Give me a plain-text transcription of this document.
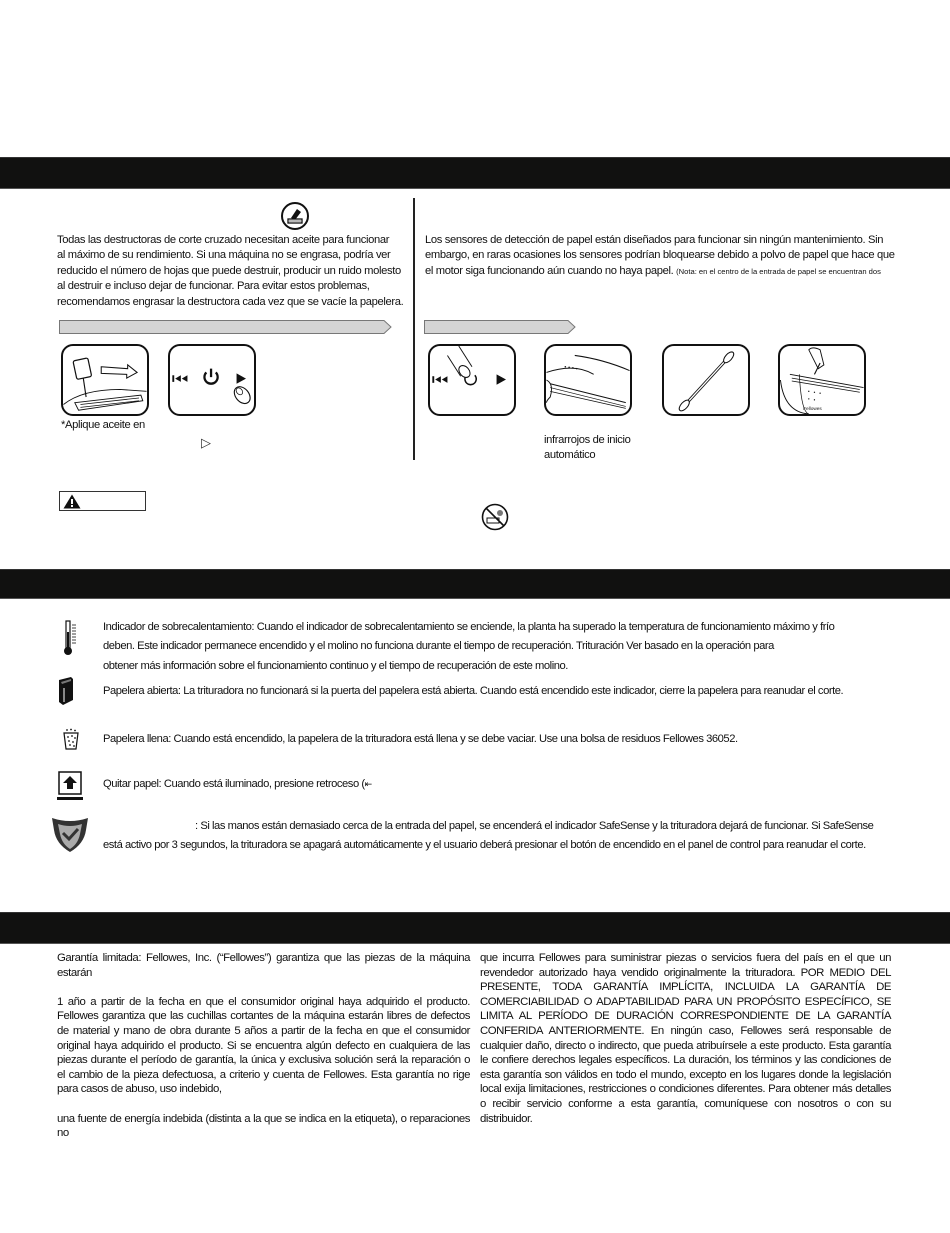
Todas las destructoras de corte cruzado necesitan aceite para funcionar
al máximo de su rendimiento. Si una máquina no se engrasa, podría ver
reducido el número de hojas que puede destruir, producir un ruido molesto
al destruir e incluso dejar de funcionar. Para evitar estos problemas,
recomendamos engrasar la destructora cada vez que se vacíe la papelera.
*Aplique aceite en
▷
Los sensores de detección de papel están diseñados para funcionar sin ningún mantenimiento. Sin
embargo, en raras ocasiones los sensores podrían bloquearse debido a polvo de papel que hace que
el motor siga funcionando aún cuando no haya papel. (Nota: en el centro de la entrada de papel se encuentran dos
Fellowes
infrarrojos de inicio
automático
Indicador de sobrecalentamiento: Cuando el indicador de sobrecalentamiento se enciende, la planta ha superado la temperatura de funcionamiento máximo y frío
deben. Este indicador permanece encendido y el molino no funciona durante el tiempo de recuperación. Trituración Ver basado en la operación para
obtener más información sobre el funcionamiento continuo y el tiempo de recuperación de este molino.
Papelera abierta: La trituradora no funcionará si la puerta del papelera está abierta. Cuando está encendido este indicador, cierre la papelera para reanudar el corte.
Papelera llena: Cuando está encendido, la papelera de la trituradora está llena y se debe vaciar. Use una bolsa de residuos Fellowes 36052.
Quitar papel: Cuando está iluminado, presione retroceso (⇤
: Si las manos están demasiado cerca de la entrada del papel, se encenderá el indicador SafeSense y la trituradora dejará de funcionar. Si SafeSense
está activo por 3 segundos, la trituradora se apagará automáticamente y el usuario deberá presionar el botón de encendido en el panel de control para reanudar el corte.

Garantía limitada: Fellowes, Inc. (“Fellowes”) garantiza que las piezas de la máquina estarán

1 año a partir de la fecha en que el consumidor original haya adquirido el producto. Fellowes garantiza que las cuchillas cortantes de la máquina estarán libres de defectos de material y mano de obra durante 5 años a partir de la fecha en que el consumidor original haya adquirido el producto. Si se encuentra algún defecto en cualquiera de las piezas durante el período de garantía, la única y exclusiva solución será la reparación o el cambio de la pieza defectuosa, a criterio y cuenta de Fellowes. Esta garantía no rige para casos de abuso, uso indebido,

una fuente de energía indebida (distinta a la que se indica en la etiqueta), o reparaciones no

que incurra Fellowes para suministrar piezas o servicios fuera del país en el que un revendedor autorizado haya vendido originalmente la trituradora. POR MEDIO DEL PRESENTE, TODA GARANTÍA IMPLÍCITA, INCLUIDA LA GARANTÍA DE COMERCIABILIDAD O ADAPTABILIDAD PARA UN PROPÓSITO ESPECÍFICO, SE LIMITA AL PERÍODO DE DURACIÓN CORRESPONDIENTE DE LA GARANTÍA CONFERIDA ANTERIORMENTE. En ningún caso, Fellowes será responsable de cualquier daño, directo o indirecto, que pueda atribuírsele a este producto. Esta garantía le confiere derechos legales específicos. La duración, los términos y las condiciones de esta garantía son válidos en todo el mundo, excepto en los lugares donde la legislación local exija limitaciones, restricciones o condiciones diferentes. Para obtener más detalles o recibir servicio conforme a esta garantía, comuníquese con nosotros o con su distribuidor.
